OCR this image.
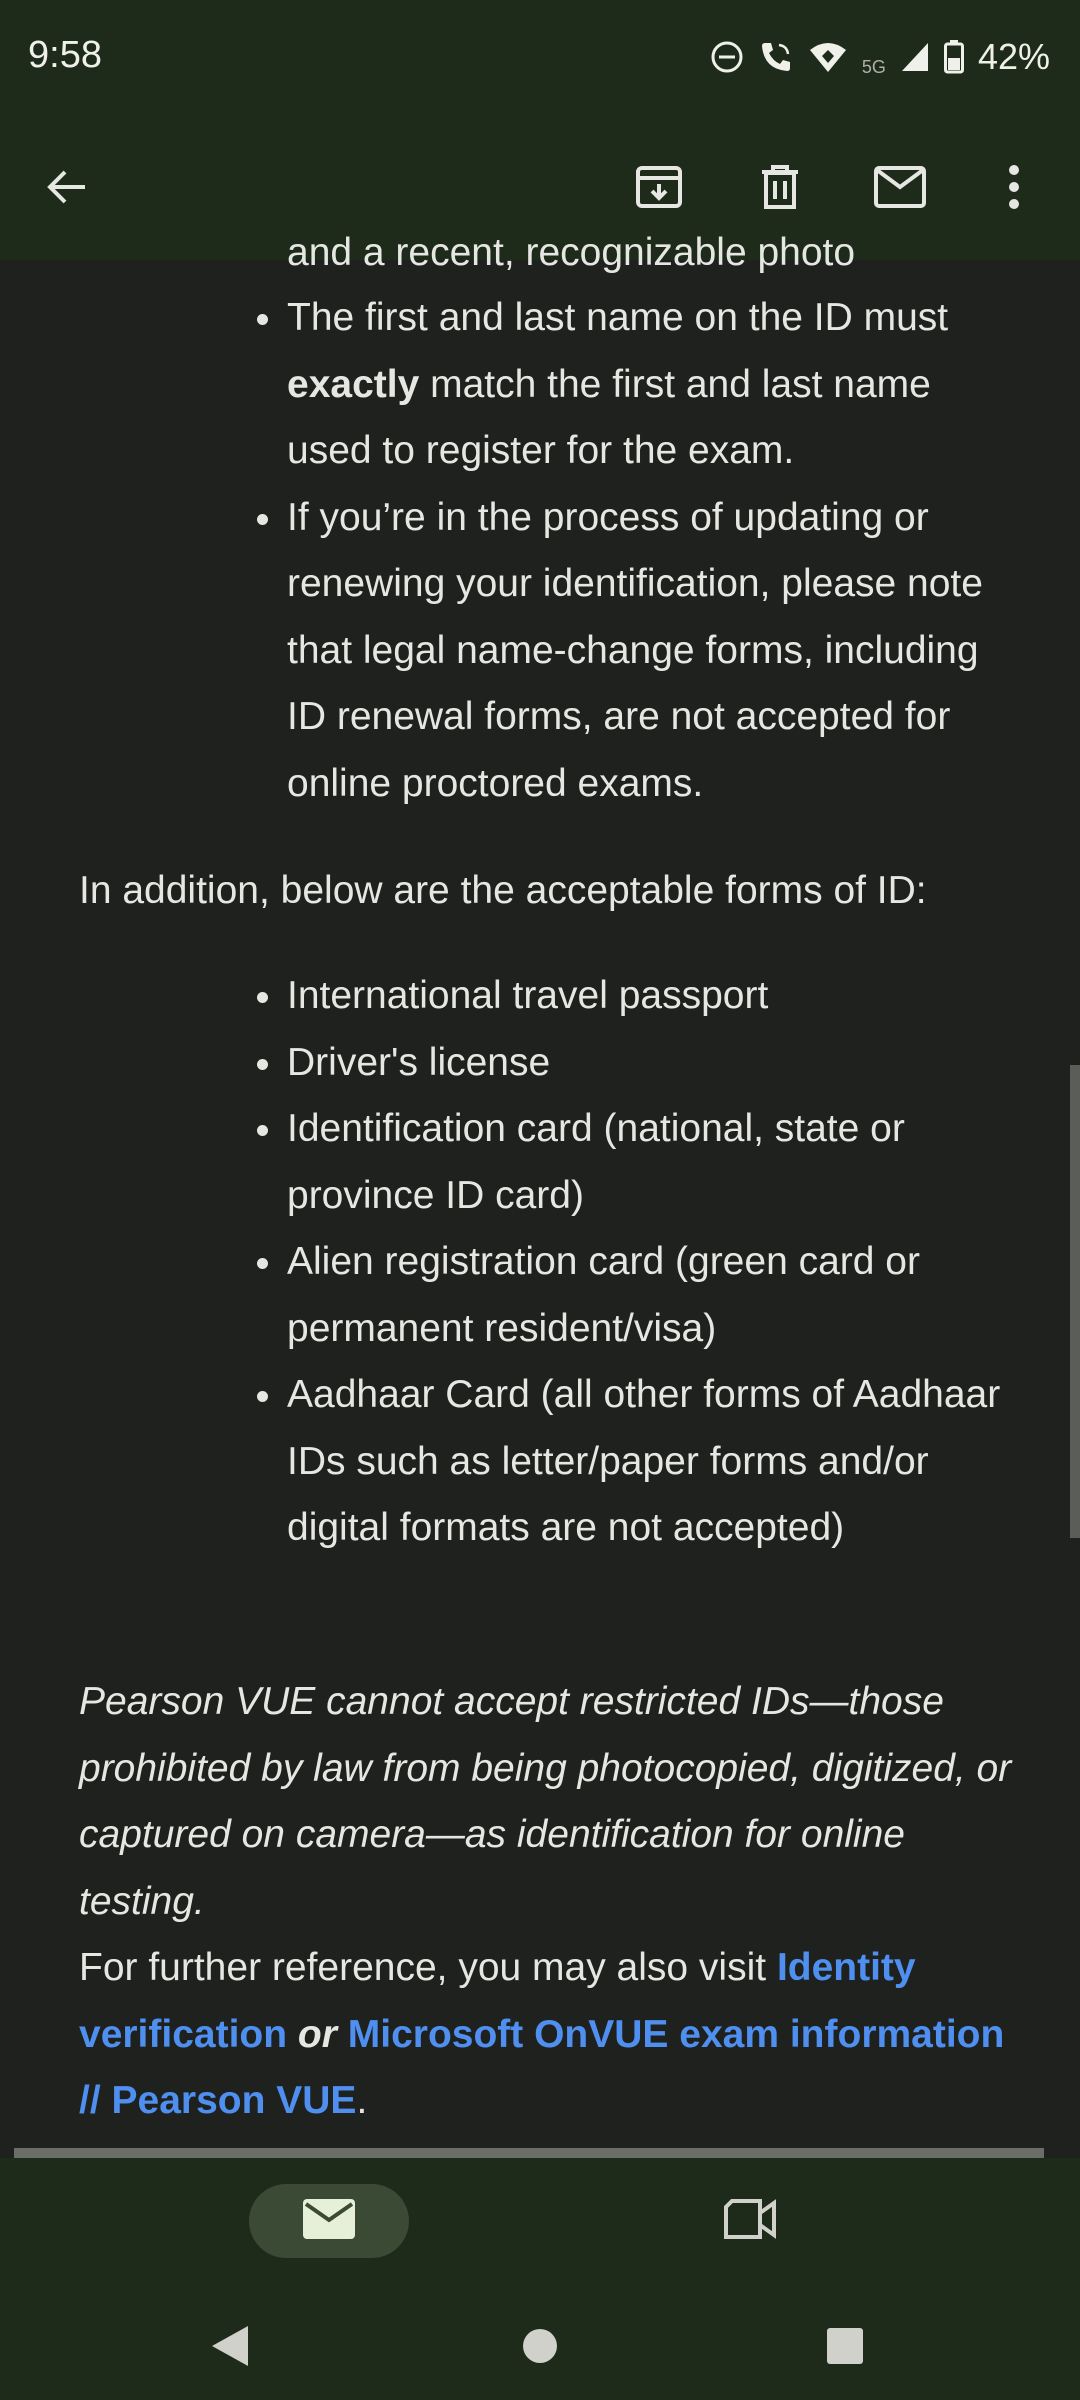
9:58	5G	42%
and a recent, recognizable photo
The first and last name on the ID must exactly match the first and last name used to register for the exam.
If you’re in the process of updating or renewing your identification, please note that legal name-change forms, including ID renewal forms, are not accepted for online proctored exams.

In addition, below are the acceptable forms of ID:

International travel passport
Driver's license
Identification card (national, state or province ID card)
Alien registration card (green card or permanent resident/visa)
Aadhaar Card (all other forms of Aadhaar IDs such as letter/paper forms and/or digital formats are not accepted)

Pearson VUE cannot accept restricted IDs—those prohibited by law from being photocopied, digitized, or captured on camera—as identification for online testing.

For further reference, you may also visit Identity verification or Microsoft OnVUE exam information // Pearson VUE.
